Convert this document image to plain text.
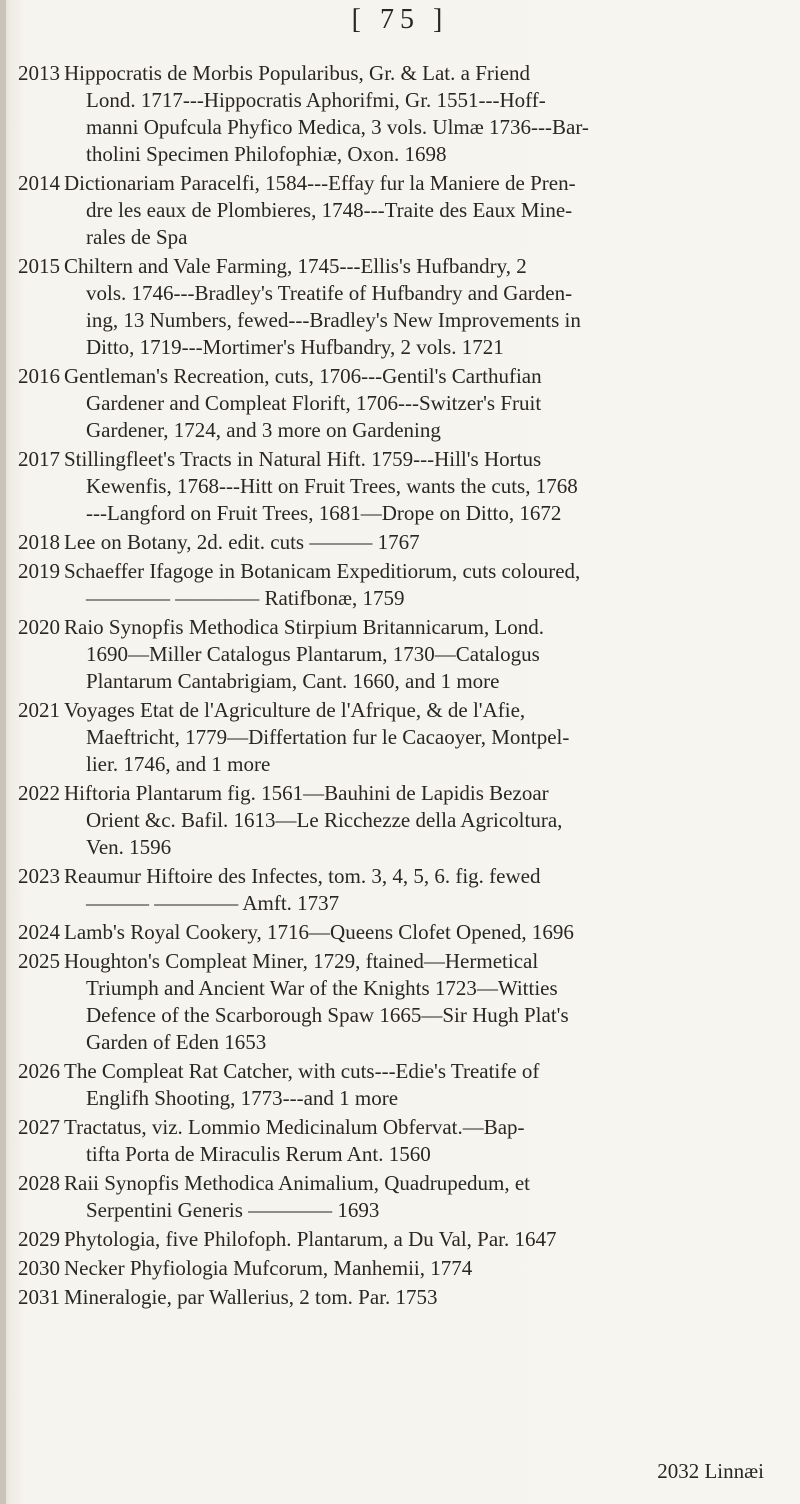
[ 75 ]
2013 Hippocratis de Morbis Popularibus, Gr. & Lat. a Friend
Lond. 1717---Hippocratis Aphorifmi, Gr. 1551---Hoff-
manni Opufcula Phyfico Medica, 3 vols. Ulmæ 1736---Bar-
tholini Specimen Philofophiæ, Oxon. 1698
2014 Dictionariam Paracelfi, 1584---Effay fur la Maniere de Pren-
dre les eaux de Plombieres, 1748---Traite des Eaux Mine-
rales de Spa
2015 Chiltern and Vale Farming, 1745---Ellis's Hufbandry, 2
vols. 1746---Bradley's Treatife of Hufbandry and Garden-
ing, 13 Numbers, fewed---Bradley's New Improvements in
Ditto, 1719---Mortimer's Hufbandry, 2 vols. 1721
2016 Gentleman's Recreation, cuts, 1706---Gentil's Carthufian
Gardener and Compleat Florift, 1706---Switzer's Fruit
Gardener, 1724, and 3 more on Gardening
2017 Stillingfleet's Tracts in Natural Hift. 1759---Hill's Hortus
Kewenfis, 1768---Hitt on Fruit Trees, wants the cuts, 1768
---Langford on Fruit Trees, 1681—Drope on Ditto, 1672
2018 Lee on Botany, 2d. edit. cuts ——— 1767
2019 Schaeffer Ifagoge in Botanicam Expeditiorum, cuts coloured,
———— ———— Ratifbonæ, 1759
2020 Raio Synopfis Methodica Stirpium Britannicarum, Lond.
1690—Miller Catalogus Plantarum, 1730—Catalogus
Plantarum Cantabrigiam, Cant. 1660, and 1 more
2021 Voyages Etat de l'Agriculture de l'Afrique, & de l'Afie,
Maeftricht, 1779—Differtation fur le Cacaoyer, Montpel-
lier. 1746, and 1 more
2022 Hiftoria Plantarum fig. 1561—Bauhini de Lapidis Bezoar
Orient &c. Bafil. 1613—Le Ricchezze della Agricoltura,
Ven. 1596
2023 Reaumur Hiftoire des Infectes, tom. 3, 4, 5, 6. fig. fewed
——— ———— Amft. 1737
2024 Lamb's Royal Cookery, 1716—Queens Clofet Opened, 1696
2025 Houghton's Compleat Miner, 1729, ftained—Hermetical
Triumph and Ancient War of the Knights 1723—Witties
Defence of the Scarborough Spaw 1665—Sir Hugh Plat's
Garden of Eden 1653
2026 The Compleat Rat Catcher, with cuts---Edie's Treatife of
Englifh Shooting, 1773---and 1 more
2027 Tractatus, viz. Lommio Medicinalum Obfervat.—Bap-
tifta Porta de Miraculis Rerum Ant. 1560
2028 Raii Synopfis Methodica Animalium, Quadrupedum, et
Serpentini Generis ———— 1693
2029 Phytologia, five Philofoph. Plantarum, a Du Val, Par. 1647
2030 Necker Phyfiologia Mufcorum, Manhemii, 1774
2031 Mineralogie, par Wallerius, 2 tom. Par. 1753
2032 Linnæi
